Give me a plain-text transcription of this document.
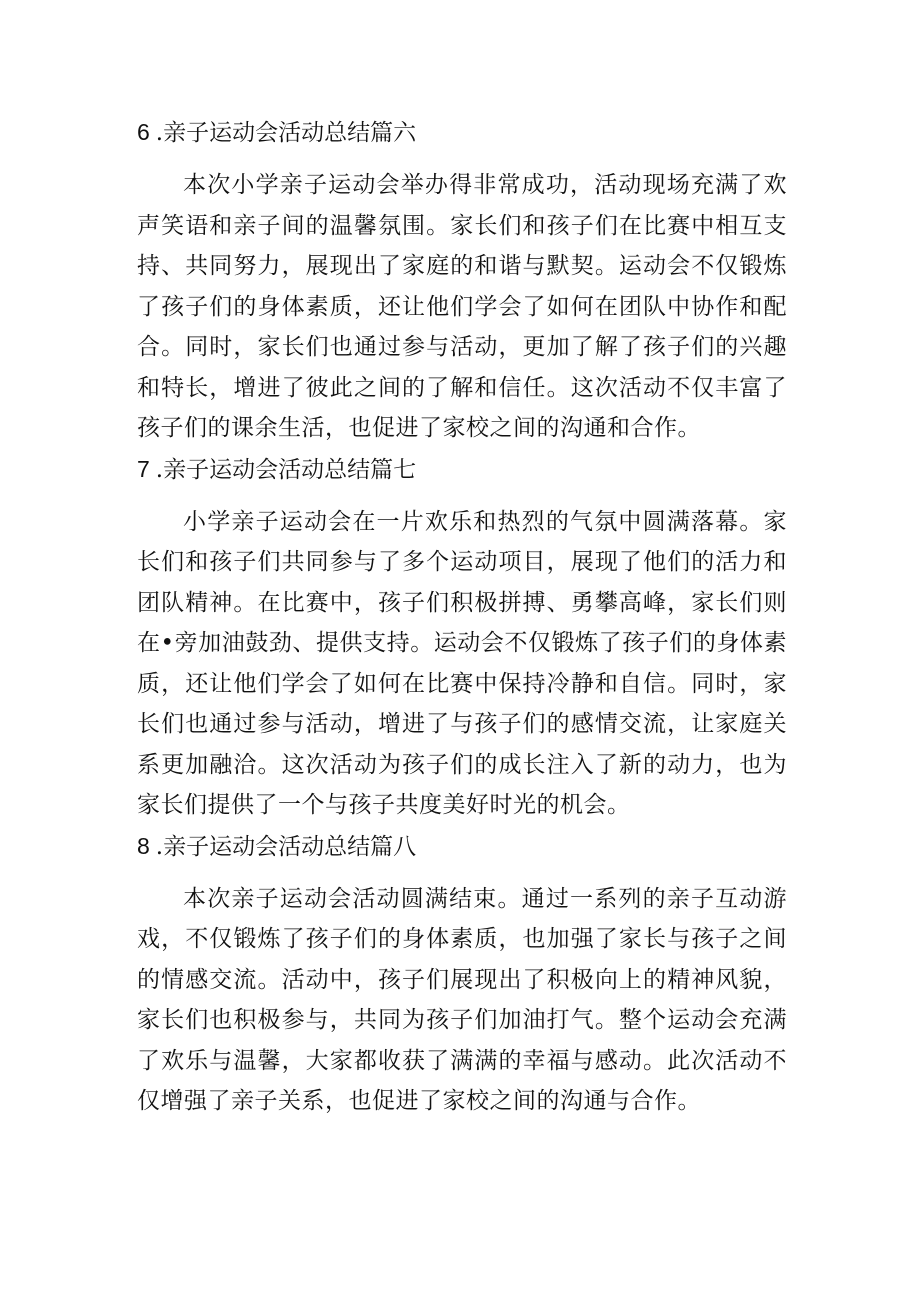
6 .亲子运动会活动总结篇六

本次小学亲子运动会举办得非常成功，活动现场充满了欢声笑语和亲子间的温馨氛围。家长们和孩子们在比赛中相互支持、共同努力，展现出了家庭的和谐与默契。运动会不仅锻炼了孩子们的身体素质，还让他们学会了如何在团队中协作和配合。同时，家长们也通过参与活动，更加了解了孩子们的兴趣和特长，增进了彼此之间的了解和信任。这次活动不仅丰富了孩子们的课余生活，也促进了家校之间的沟通和合作。

7 .亲子运动会活动总结篇七

小学亲子运动会在一片欢乐和热烈的气氛中圆满落幕。家长们和孩子们共同参与了多个运动项目，展现了他们的活力和团队精神。在比赛中，孩子们积极拼搏、勇攀高峰，家长们则在•旁加油鼓劲、提供支持。运动会不仅锻炼了孩子们的身体素质，还让他们学会了如何在比赛中保持冷静和自信。同时，家长们也通过参与活动，增进了与孩子们的感情交流，让家庭关系更加融洽。这次活动为孩子们的成长注入了新的动力，也为家长们提供了一个与孩子共度美好时光的机会。

8 .亲子运动会活动总结篇八

本次亲子运动会活动圆满结束。通过一系列的亲子互动游戏，不仅锻炼了孩子们的身体素质，也加强了家长与孩子之间的情感交流。活动中，孩子们展现出了积极向上的精神风貌，家长们也积极参与，共同为孩子们加油打气。整个运动会充满了欢乐与温馨，大家都收获了满满的幸福与感动。此次活动不仅增强了亲子关系，也促进了家校之间的沟通与合作。
